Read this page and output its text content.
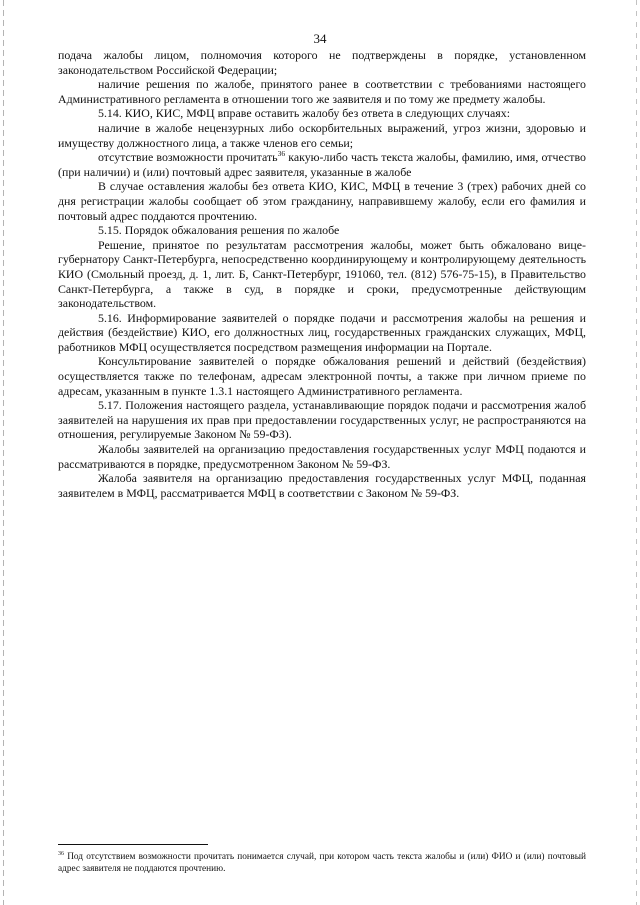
34

подача жалобы лицом, полномочия которого не подтверждены в порядке, установленном законодательством Российской Федерации;

наличие решения по жалобе, принятого ранее в соответствии с требованиями настоящего Административного регламента в отношении того же заявителя и по тому же предмету жалобы.

5.14. КИО, КИС, МФЦ вправе оставить жалобу без ответа в следующих случаях:

наличие в жалобе нецензурных либо оскорбительных выражений, угроз жизни, здоровью и имуществу должностного лица, а также членов его семьи;

отсутствие возможности прочитать$^{36}$ какую-либо часть текста жалобы, фамилию, имя, отчество (при наличии) и (или) почтовый адрес заявителя, указанные в жалобе

В случае оставления жалобы без ответа КИО, КИС, МФЦ в течение 3 (трех) рабочих дней со дня регистрации жалобы сообщает об этом гражданину, направившему жалобу, если его фамилия и почтовый адрес поддаются прочтению.

5.15. Порядок обжалования решения по жалобе

Решение, принятое по результатам рассмотрения жалобы, может быть обжаловано вице-губернатору Санкт-Петербурга, непосредственно координирующему и контролирующему деятельность КИО (Смольный проезд, д. 1, лит. Б, Санкт-Петербург, 191060, тел. (812) 576-75-15), в Правительство Санкт-Петербурга, а также в суд, в порядке и сроки, предусмотренные действующим законодательством.

5.16. Информирование заявителей о порядке подачи и рассмотрения жалобы на решения и действия (бездействие) КИО, его должностных лиц, государственных гражданских служащих, МФЦ, работников МФЦ осуществляется посредством размещения информации на Портале.

Консультирование заявителей о порядке обжалования решений и действий (бездействия) осуществляется также по телефонам, адресам электронной почты, а также при личном приеме по адресам, указанным в пункте 1.3.1 настоящего Административного регламента.

5.17. Положения настоящего раздела, устанавливающие порядок подачи и рассмотрения жалоб заявителей на нарушения их прав при предоставлении государственных услуг, не распространяются на отношения, регулируемые Законом № 59-ФЗ).

Жалобы заявителей на организацию предоставления государственных услуг МФЦ подаются и рассматриваются в порядке, предусмотренном Законом № 59-ФЗ.

Жалоба заявителя на организацию предоставления государственных услуг МФЦ, поданная заявителем в МФЦ, рассматривается МФЦ в соответствии с Законом № 59-ФЗ.

$^{36}$ Под отсутствием возможности прочитать понимается случай, при котором часть текста жалобы и (или) ФИО и (или) почтовый адрес заявителя не поддаются прочтению.
